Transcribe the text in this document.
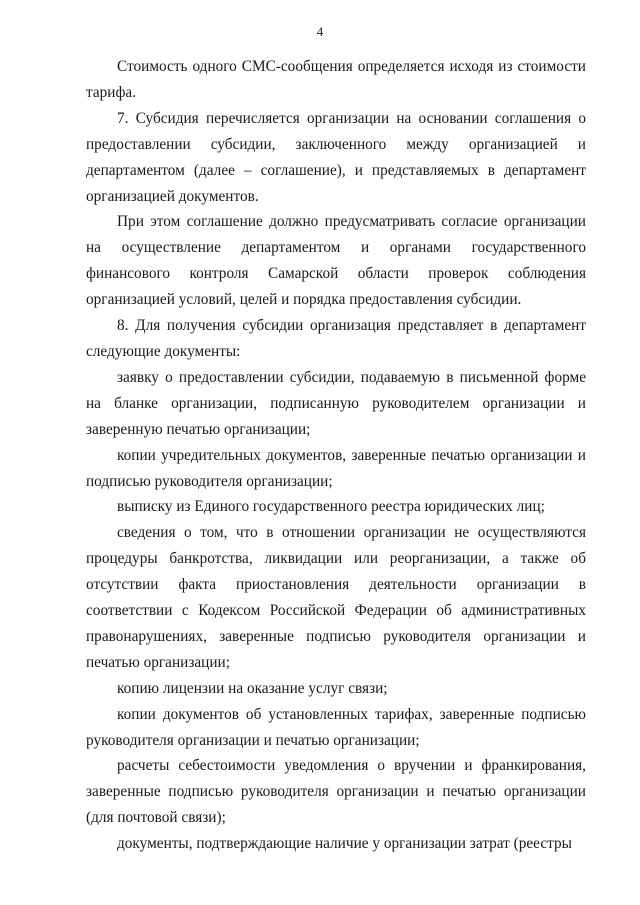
4

Стоимость одного СМС-сообщения определяется исходя из стоимости тарифа.

7. Субсидия перечисляется организации на основании соглашения о предоставлении субсидии, заключенного между организацией и департаментом (далее – соглашение), и представляемых в департамент организацией документов.

При этом соглашение должно предусматривать согласие организации на осуществление департаментом и органами государственного финансового контроля Самарской области проверок соблюдения организацией условий, целей и порядка предоставления субсидии.

8. Для получения субсидии организация представляет в департамент следующие документы:

заявку о предоставлении субсидии, подаваемую в письменной форме на бланке организации, подписанную руководителем организации и заверенную печатью организации;

копии учредительных документов, заверенные печатью организации и подписью руководителя организации;

выписку из Единого государственного реестра юридических лиц;

сведения о том, что в отношении организации не осуществляются процедуры банкротства, ликвидации или реорганизации, а также об отсутствии факта приостановления деятельности организации в соответствии с Кодексом Российской Федерации об административных правонарушениях, заверенные подписью руководителя организации и печатью организации;

копию лицензии на оказание услуг связи;

копии документов об установленных тарифах, заверенные подписью руководителя организации и печатью организации;

расчеты себестоимости уведомления о вручении и франкирования, заверенные подписью руководителя организации и печатью организации (для почтовой связи);

документы, подтверждающие наличие у организации затрат (реестры
